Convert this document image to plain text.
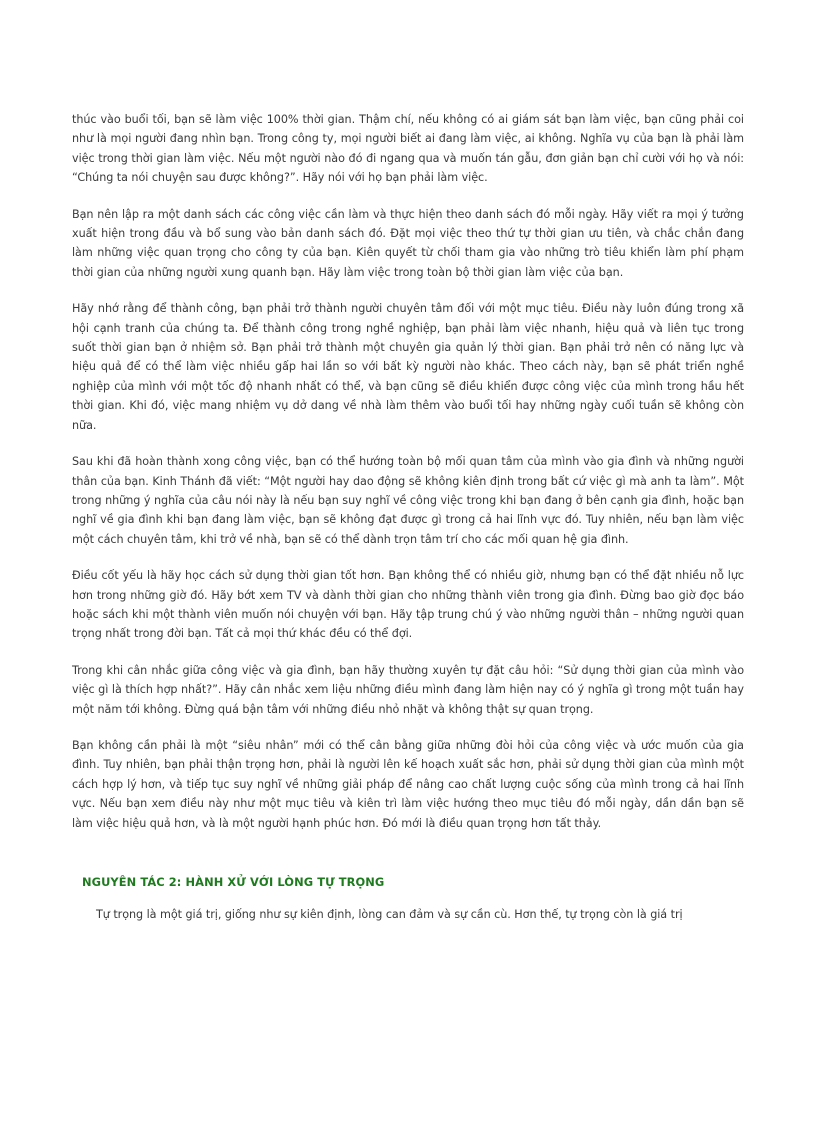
thúc vào buổi tối, bạn sẽ làm việc 100% thời gian. Thậm chí, nếu không có ai giám sát bạn làm việc, bạn cũng phải coi như là mọi người đang nhìn bạn. Trong công ty, mọi người biết ai đang làm việc, ai không. Nghĩa vụ của bạn là phải làm việc trong thời gian làm việc. Nếu một người nào đó đi ngang qua và muốn tán gẫu, đơn giản bạn chỉ cười với họ và nói: “Chúng ta nói chuyện sau được không?”. Hãy nói với họ bạn phải làm việc.

Bạn nên lập ra một danh sách các công việc cần làm và thực hiện theo danh sách đó mỗi ngày. Hãy viết ra mọi ý tưởng xuất hiện trong đầu và bổ sung vào bản danh sách đó. Đặt mọi việc theo thứ tự thời gian ưu tiên, và chắc chắn đang làm những việc quan trọng cho công ty của bạn. Kiên quyết từ chối tham gia vào những trò tiêu khiển làm phí phạm thời gian của những người xung quanh bạn. Hãy làm việc trong toàn bộ thời gian làm việc của bạn.

Hãy nhớ rằng để thành công, bạn phải trở thành người chuyên tâm đối với một mục tiêu. Điều này luôn đúng trong xã hội cạnh tranh của chúng ta. Để thành công trong nghề nghiệp, bạn phải làm việc nhanh, hiệu quả và liên tục trong suốt thời gian bạn ở nhiệm sở. Bạn phải trở thành một chuyên gia quản lý thời gian. Bạn phải trở nên có năng lực và hiệu quả để có thể làm việc nhiều gấp hai lần so với bất kỳ người nào khác. Theo cách này, bạn sẽ phát triển nghề nghiệp của mình với một tốc độ nhanh nhất có thể, và bạn cũng sẽ điều khiển được công việc của mình trong hầu hết thời gian. Khi đó, việc mang nhiệm vụ dở dang về nhà làm thêm vào buổi tối hay những ngày cuối tuần sẽ không còn nữa.

Sau khi đã hoàn thành xong công việc, bạn có thể hướng toàn bộ mối quan tâm của mình vào gia đình và những người thân của bạn. Kinh Thánh đã viết: “Một người hay dao động sẽ không kiên định trong bất cứ việc gì mà anh ta làm”. Một trong những ý nghĩa của câu nói này là nếu bạn suy nghĩ về công việc trong khi bạn đang ở bên cạnh gia đình, hoặc bạn nghĩ về gia đình khi bạn đang làm việc, bạn sẽ không đạt được gì trong cả hai lĩnh vực đó. Tuy nhiên, nếu bạn làm việc một cách chuyên tâm, khi trở về nhà, bạn sẽ có thể dành trọn tâm trí cho các mối quan hệ gia đình.

Điều cốt yếu là hãy học cách sử dụng thời gian tốt hơn. Bạn không thể có nhiều giờ, nhưng bạn có thể đặt nhiều nỗ lực hơn trong những giờ đó. Hãy bớt xem TV và dành thời gian cho những thành viên trong gia đình. Đừng bao giờ đọc báo hoặc sách khi một thành viên muốn nói chuyện với bạn. Hãy tập trung chú ý vào những người thân – những người quan trọng nhất trong đời bạn. Tất cả mọi thứ khác đều có thể đợi.

Trong khi cân nhắc giữa công việc và gia đình, bạn hãy thường xuyên tự đặt câu hỏi: “Sử dụng thời gian của mình vào việc gì là thích hợp nhất?”. Hãy cân nhắc xem liệu những điều mình đang làm hiện nay có ý nghĩa gì trong một tuần hay một năm tới không. Đừng quá bận tâm với những điều nhỏ nhặt và không thật sự quan trọng.

Bạn không cần phải là một “siêu nhân” mới có thể cân bằng giữa những đòi hỏi của công việc và ước muốn của gia đình. Tuy nhiên, bạn phải thận trọng hơn, phải là người lên kế hoạch xuất sắc hơn, phải sử dụng thời gian của mình một cách hợp lý hơn, và tiếp tục suy nghĩ về những giải pháp để nâng cao chất lượng cuộc sống của mình trong cả hai lĩnh vực. Nếu bạn xem điều này như một mục tiêu và kiên trì làm việc hướng theo mục tiêu đó mỗi ngày, dần dần bạn sẽ làm việc hiệu quả hơn, và là một người hạnh phúc hơn. Đó mới là điều quan trọng hơn tất thảy.

NGUYÊN TÁC 2: HÀNH XỬ VỚI LÒNG TỰ TRỌNG

Tự trọng là một giá trị, giống như sự kiên định, lòng can đảm và sự cần cù. Hơn thế, tự trọng còn là giá trị
